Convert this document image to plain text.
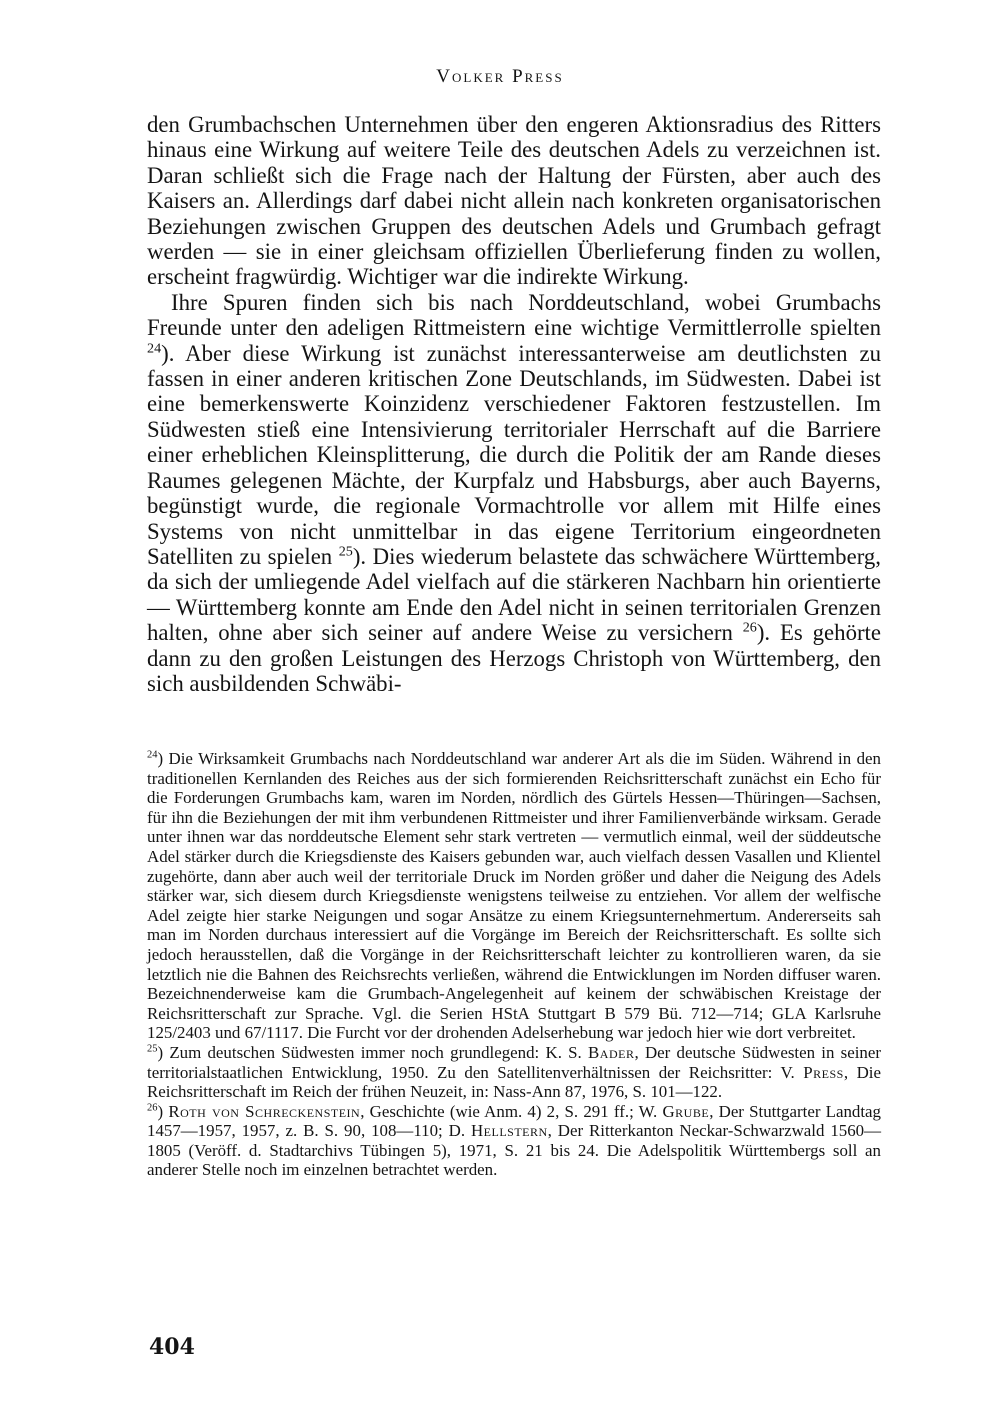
Volker Press

den Grumbachschen Unternehmen über den engeren Aktionsradius des Ritters hinaus eine Wirkung auf weitere Teile des deutschen Adels zu verzeichnen ist. Daran schließt sich die Frage nach der Haltung der Fürsten, aber auch des Kaisers an. Allerdings darf dabei nicht allein nach konkreten organisatorischen Beziehungen zwischen Gruppen des deutschen Adels und Grumbach gefragt werden — sie in einer gleichsam offiziellen Überlieferung finden zu wollen, erscheint fragwürdig. Wichtiger war die indirekte Wirkung.

Ihre Spuren finden sich bis nach Norddeutschland, wobei Grumbachs Freunde unter den adeligen Rittmeistern eine wichtige Vermittlerrolle spielten $^{24}$). Aber diese Wirkung ist zunächst interessanterweise am deutlichsten zu fassen in einer anderen kritischen Zone Deutschlands, im Südwesten. Dabei ist eine bemerkenswerte Koinzidenz verschiedener Faktoren festzustellen. Im Südwesten stieß eine Intensivierung territorialer Herrschaft auf die Barriere einer erheblichen Kleinsplitterung, die durch die Politik der am Rande dieses Raumes gelegenen Mächte, der Kurpfalz und Habsburgs, aber auch Bayerns, begünstigt wurde, die regionale Vormachtrolle vor allem mit Hilfe eines Systems von nicht unmittelbar in das eigene Territorium eingeordneten Satelliten zu spielen $^{25}$). Dies wiederum belastete das schwächere Württemberg, da sich der umliegende Adel vielfach auf die stärkeren Nachbarn hin orientierte — Württemberg konnte am Ende den Adel nicht in seinen territorialen Grenzen halten, ohne aber sich seiner auf andere Weise zu versichern $^{26}$). Es gehörte dann zu den großen Leistungen des Herzogs Christoph von Württemberg, den sich ausbildenden Schwäbi-

$^{24}$) Die Wirksamkeit Grumbachs nach Norddeutschland war anderer Art als die im Süden. Während in den traditionellen Kernlanden des Reiches aus der sich formierenden Reichsritterschaft zunächst ein Echo für die Forderungen Grumbachs kam, waren im Norden, nördlich des Gürtels Hessen—Thüringen—Sachsen, für ihn die Beziehungen der mit ihm verbundenen Rittmeister und ihrer Familienverbände wirksam. Gerade unter ihnen war das norddeutsche Element sehr stark vertreten — vermutlich einmal, weil der süddeutsche Adel stärker durch die Kriegsdienste des Kaisers gebunden war, auch vielfach dessen Vasallen und Klientel zugehörte, dann aber auch weil der territoriale Druck im Norden größer und daher die Neigung des Adels stärker war, sich diesem durch Kriegsdienste wenigstens teilweise zu entziehen. Vor allem der welfische Adel zeigte hier starke Neigungen und sogar Ansätze zu einem Kriegsunternehmertum. Andererseits sah man im Norden durchaus interessiert auf die Vorgänge im Bereich der Reichsritterschaft. Es sollte sich jedoch herausstellen, daß die Vorgänge in der Reichsritterschaft leichter zu kontrollieren waren, da sie letztlich nie die Bahnen des Reichsrechts verließen, während die Entwicklungen im Norden diffuser waren. Bezeichnenderweise kam die Grumbach-Angelegenheit auf keinem der schwäbischen Kreistage der Reichsritterschaft zur Sprache. Vgl. die Serien HStA Stuttgart B 579 Bü. 712—714; GLA Karlsruhe 125/2403 und 67/1117. Die Furcht vor der drohenden Adelserhebung war jedoch hier wie dort verbreitet.

$^{25}$) Zum deutschen Südwesten immer noch grundlegend: K. S. Bader, Der deutsche Südwesten in seiner territorialstaatlichen Entwicklung, 1950. Zu den Satellitenverhältnissen der Reichsritter: V. Press, Die Reichsritterschaft im Reich der frühen Neuzeit, in: Nass-Ann 87, 1976, S. 101—122.

$^{26}$) Roth von Schreckenstein, Geschichte (wie Anm. 4) 2, S. 291 ff.; W. Grube, Der Stuttgarter Landtag 1457—1957, 1957, z. B. S. 90, 108—110; D. Hellstern, Der Ritterkanton Neckar-Schwarzwald 1560—1805 (Veröff. d. Stadtarchivs Tübingen 5), 1971, S. 21 bis 24. Die Adelspolitik Württembergs soll an anderer Stelle noch im einzelnen betrachtet werden.

404
